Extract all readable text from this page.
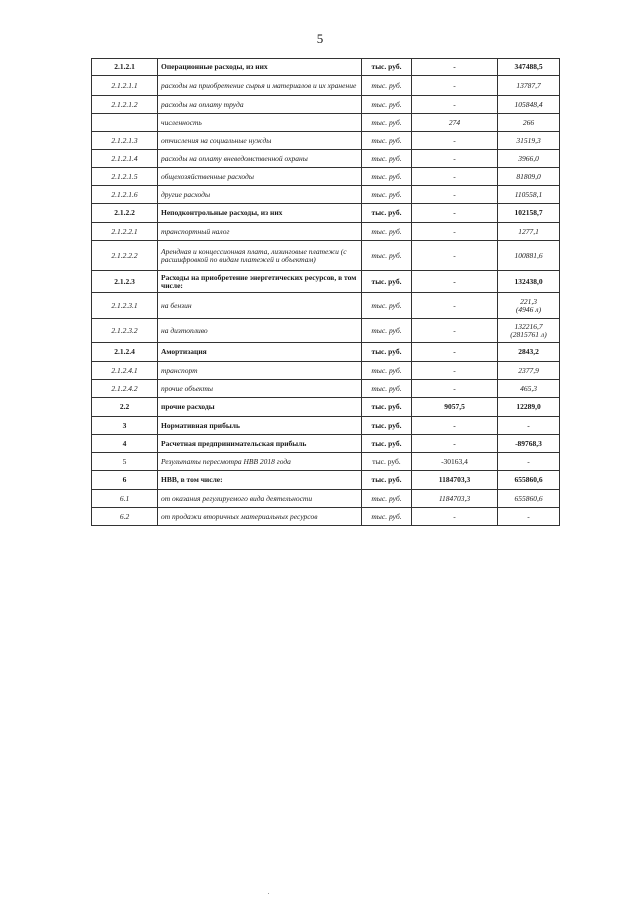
5
2.1.2.1	Операционные расходы, из них	тыс. руб.	-	347488,5
2.1.2.1.1	расходы на приобретение сырья и материалов и их хранение	тыс. руб.	-	13787,7
2.1.2.1.2	расходы на оплату труда	тыс. руб.	-	105848,4
	численность	тыс. руб.	274	266
2.1.2.1.3	отчисления на социальные нужды	тыс. руб.	-	31519,3
2.1.2.1.4	расходы на оплату вневедомственной охраны	тыс. руб.	-	3966,0
2.1.2.1.5	общехозяйственные расходы	тыс. руб.	-	81809,0
2.1.2.1.6	другие расходы	тыс. руб.	-	110558,1
2.1.2.2	Неподконтрольные расходы, из них	тыс. руб.	-	102158,7
2.1.2.2.1	транспортный налог	тыс. руб.	-	1277,1
2.1.2.2.2	Арендная и концессионная плата, лизинговые платежи (с расшифровкой по видам платежей и объектам)	тыс. руб.	-	100881,6
2.1.2.3	Расходы на приобретение энергетических ресурсов, в том числе:	тыс. руб.	-	132438,0
2.1.2.3.1	на бензин	тыс. руб.	-	221,3
(4946 л)
2.1.2.3.2	на дизтопливо	тыс. руб.	-	132216,7
(2815761 л)
2.1.2.4	Амортизация	тыс. руб.	-	2843,2
2.1.2.4.1	транспорт	тыс. руб.	-	2377,9
2.1.2.4.2	прочие объекты	тыс. руб.	-	465,3
2.2	прочие расходы	тыс. руб.	9057,5	12289,0
3	Нормативная прибыль	тыс. руб.	-	-
4	Расчетная предпринимательская прибыль	тыс. руб.	-	-89768,3
5	Результаты пересмотра НВВ 2018 года	тыс. руб.	-30163,4	-
6	НВВ, в том числе:	тыс. руб.	1184703,3	655860,6
6.1	от оказания регулируемого вида деятельности	тыс. руб.	1184703,3	655860,6
6.2	от продажи вторичных материальных ресурсов	тыс. руб.	-	-
